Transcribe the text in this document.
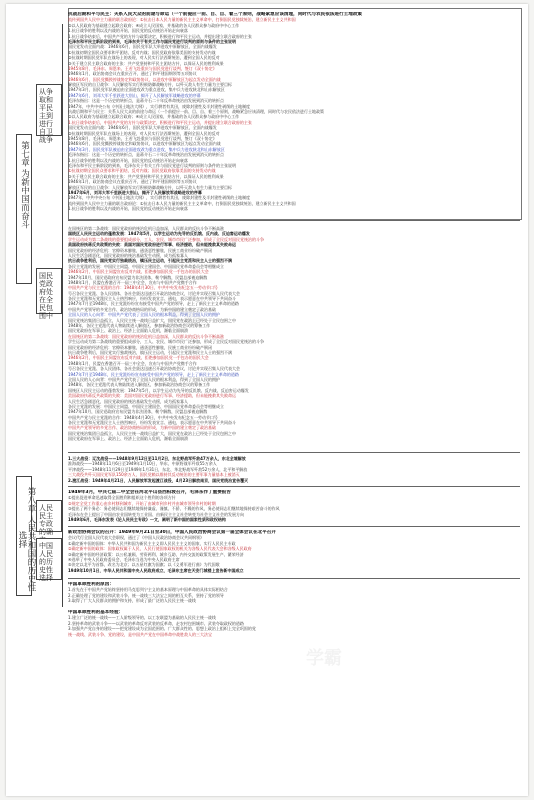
学霸
学霸
第七章 为新中国而奋斗
从争取和平民主到进行自卫战争
国民党政府处在全民包围中
第八章 人民共和国的历史性选择
人民民主专政的确
中国人民的历史性选择
抗战后期和平与民主：关系人民大众的前途与命运（一个前提应一前、目、自、着三个原则，战略紧急应该清理，同时代与农民依法进行土地政策
流传到国共人民中主力量的联合政府论：①抗击日本人民力量的新民主主义革命中，打倒国民党独裁统治，建立新民主主义共和国
②以人民政府为基础建立起联合政府；④成立人民国家，并基础的各人民群众参与政府中中心工作
1.抗日战争的胜利以及内战的开始，国民党的反动统治开始走向衰落
1.抗日战争结束后，中国共产党的方针与政策决定，积极进行和平民主运动，并提出建立联合政府的主张
毛泽东和平民主新阶段的到来，毛泽东关于有关工作与国民党进行谈判的原则与条件的主张说明
国民党发动全面内战：1946年6月，国民党军队大举进攻中原解放区，全面内战爆发
①抗战初期全国民众要求和平团结，反对内战；国民党政府依靠美国的支持发动内战
②抗战时期国民党军队在战场上的表现，对人民实行法西斯统治，遭到全国人民的反对
③关于建立民主联合政府的主张：共产党坚持和平民主团结方针，以保证人民的胜利成果
1945年8月，毛泽东、周恩来、王若飞赴重庆与国民党进行谈判，签订《双十协定》
1946年1月，政治协商会议在重庆召开，通过了和平建国纲领等五项协议
1946年6月，国民党撕毁停战协定和政协协议，以进攻中原解放区为起点发动全面内战
解放区军民的自卫战争：人民解放军实行积极防御战略方针，以歼灭敌人有生力量为主要目标
1947年3月，国民党军队被迫由全面进攻改为重点进攻，集中兵力进攻陕北和山东解放区
1947年6月，刘邓大军千里跃进大别山，揭开了人民解放军战略进攻的序幕
毛泽东指出：这是一个历史的转折点，是蒋介石二十年反革命统治由发展到消灭的转折点
1947年，中共中央公布《中国土地法大纲》，实行耕者有其田，废除封建性及半封建性剥削的土地制度
抗战后期和平与民主：关系人民大众的前途与命运（一个前提应一前、目、自、着三个原则，战略紧急应该清理，同时代与农民依法进行土地政策
②以人民政府为基础建立起联合政府；④成立人民国家，并基础的各人民群众参与政府中中心工作
1.抗日战争结束后，中国共产党的方针与政策决定，积极进行和平民主运动，并提出建立联合政府的主张
国民党发动全面内战：1946年6月，国民党军队大举进攻中原解放区，全面内战爆发
②抗战时期国民党军队在战场上的表现，对人民实行法西斯统治，遭到全国人民的反对
1945年8月，毛泽东、周恩来、王若飞赴重庆与国民党进行谈判，签订《双十协定》
1946年6月，国民党撕毁停战协定和政协协议，以进攻中原解放区为起点发动全面内战
1947年3月，国民党军队被迫由全面进攻改为重点进攻，集中兵力进攻陕北和山东解放区
毛泽东指出：这是一个历史的转折点，是蒋介石二十年反革命统治由发展到消灭的转折点
1.抗日战争的胜利以及内战的开始，国民党的反动统治开始走向衰落
毛泽东和平民主新阶段的到来，毛泽东关于有关工作与国民党进行谈判的原则与条件的主张说明
①抗战初期全国民众要求和平团结，反对内战；国民党政府依靠美国的支持发动内战
③关于建立民主联合政府的主张：共产党坚持和平民主团结方针，以保证人民的胜利成果
1946年1月，政治协商会议在重庆召开，通过了和平建国纲领等五项协议
解放区军民的自卫战争：人民解放军实行积极防御战略方针，以歼灭敌人有生力量为主要目标
1947年6月，刘邓大军千里跃进大别山，揭开了人民解放军战略进攻的序幕
1947年，中共中央公布《中国土地法大纲》，实行耕者有其田，废除封建性及半封建性剥削的土地制度
流传到国共人民中主力量的联合政府论：①抗击日本人民力量的新民主主义革命中，打倒国民党独裁统治，建立新民主主义共和国
1.抗日战争的胜利以及内战的开始，国民党的反动统治开始走向衰落
在国统区的第二条战线：国民党政府的统治危机日益加深，人民群众的反抗斗争不断高涨
国统区人民民主运动的蓬勃发展：1947年5月，以学生运动为先导的反饥饿、反内战、反迫害运动爆发
学生运动成为第二条战线的重要组成部分，工人、农民、城市市民广泛参加，形成了全民反对国民党统治的斗争
美国政府扶蒋反共政策的失败：美国对国民党政府进行军事、经济援助，但未能挽救其失败命运
国民党政府的经济危机：官僚资本膨胀，通货恶性膨胀，民族工商业纷纷破产倒闭
人民生活急剧恶化，国民党政府的统治基础发生动摇，成为孤家寡人
抗日战争胜利后，国民党实行独裁统治，镇压民主运动，引起民主党派和民主人士的强烈不满
各民主党派的发展：中国民主同盟、中国民主建国会、中国国民党革命委员会等相继成立
1946年2月，中国民主同盟宣布反对内战，拒绝参加国民党一手包办的国民大会
1947年10月，国民党政府宣布民盟为非法团体，勒令解散，民盟总部被迫解散
1948年1月，民盟在香港召开一届三中全会，宣布与中国共产党携手合作
中国共产党与民主党派的合作：1948年4月30日，中共中央发布纪念五一劳动节口号
号召各民主党派、各人民团体、各社会贤达迅速召开政治协商会议，讨论并实现召集人民代表大会
各民主党派和无党派民主人士热烈响应，纷纷发表宣言、通电，表示愿意在中共领导下共同奋斗
1947年7月至1948年，民主党派纷纷宣布接受中国共产党的领导，走上了新民主主义革命的道路
中国共产党领导的多党合作、政治协商格局的形成，为新中国的建立奠定了政治基础
全国人民的人心向背：中国共产党代表了全国人民的根本利益，得到了全国人民的拥护
国民党统治集团日益孤立，人民民主统一战线日益扩大，国民党在政治上已经处于全民包围之中
1948年，各民主党派代表人物陆续进入解放区，参加新政治协商会议的筹备工作
国民党政府在军事上、政治上、经济上全面陷入危机，濒临全面崩溃
在国统区的第二条战线：国民党政府的统治危机日益加深，人民群众的反抗斗争不断高涨
学生运动成为第二条战线的重要组成部分，工人、农民、城市市民广泛参加，形成了全民反对国民党统治的斗争
国民党政府的经济危机：官僚资本膨胀，通货恶性膨胀，民族工商业纷纷破产倒闭
抗日战争胜利后，国民党实行独裁统治，镇压民主运动，引起民主党派和民主人士的强烈不满
1946年2月，中国民主同盟宣布反对内战，拒绝参加国民党一手包办的国民大会
1948年1月，民盟在香港召开一届三中全会，宣布与中国共产党携手合作
号召各民主党派、各人民团体、各社会贤达迅速召开政治协商会议，讨论并实现召集人民代表大会
1947年7月至1948年，民主党派纷纷宣布接受中国共产党的领导，走上了新民主主义革命的道路
全国人民的人心向背：中国共产党代表了全国人民的根本利益，得到了全国人民的拥护
1948年，各民主党派代表人物陆续进入解放区，参加新政治协商会议的筹备工作
国统区人民民主运动的蓬勃发展：1947年5月，以学生运动为先导的反饥饿、反内战、反迫害运动爆发
美国政府扶蒋反共政策的失败：美国对国民党政府进行军事、经济援助，但未能挽救其失败命运
人民生活急剧恶化，国民党政府的统治基础发生动摇，成为孤家寡人
各民主党派的发展：中国民主同盟、中国民主建国会、中国国民党革命委员会等相继成立
1947年10月，国民党政府宣布民盟为非法团体，勒令解散，民盟总部被迫解散
中国共产党与民主党派的合作：1948年4月30日，中共中央发布纪念五一劳动节口号
各民主党派和无党派民主人士热烈响应，纷纷发表宣言、通电，表示愿意在中共领导下共同奋斗
中国共产党领导的多党合作、政治协商格局的形成，为新中国的建立奠定了政治基础
国民党统治集团日益孤立，人民民主统一战线日益扩大，国民党在政治上已经处于全民包围之中
国民党政府在军事上、政治上、经济上全面陷入危机，濒临全面崩溃
1.三大战役：辽沈战役——1948年9月12日至11月2日，东北野战军歼敌47万余人，东北全境解放
淮海战役——1948年11月6日至1949年1月10日，华东、中原野战军歼敌55万余人
平津战役——1948年11月29日至1949年1月31日，东北、华北野战军歼敌52万余人，北平和平解放
三大战役共歼灭国民党军队150余万人，国民党赖以维持其反动统治的主要军事力量基本上被消灭
2.渡江战役：1949年4月21日，人民解放军发起渡江战役，4月23日解放南京，国民党统治宣告覆灭
1949年3月，中共七届二中全会在河北平山县西柏坡召开，毛泽东作了重要报告
①提出促进革命迅速取得全国胜利和组织这个胜利的各项方针
②规定全党工作重心由乡村移到城市，开始了由城市到乡村并由城市领导乡村的时期
③提出了两个务必：务必使同志们继续地保持谦虚、谨慎、不骄、不躁的作风，务必使同志们继续地保持艰苦奋斗的作风
毛泽东在会上提出了中国由农业国转变为工业国、由新民主主义社会转变为社会主义社会的发展方向
1949年6月，毛泽东发表《论人民民主专政》一文，阐明了新中国的国家性质和政权结构
新政治协商会议的召开：1949年9月21日至30日，中国人民政治协商会议第一届全体会议在北平召开
会议代行全国人民代表大会职权，通过了《中国人民政治协商会议共同纲领》
①确定新中国的国体：中华人民共和国为新民主主义即人民民主主义的国家，实行人民民主专政
②确定新中国的政体：国家政权属于人民，人民行使国家政权的机关为各级人民代表大会和各级人民政府
③确定新中国的经济政策：以公私兼顾、劳资两利、城乡互助、内外交流的政策发展生产、繁荣经济
④选举了中央人民政府委员会，毛泽东当选为中央人民政府主席
⑤决定以北平为首都，改名为北京；以五星红旗为国旗；以《义勇军进行曲》为代国歌
1949年10月1日，中华人民共和国中央人民政府成立，毛泽东主席在天安门城楼上宣告新中国成立
中国革命胜利的原因：
1.首先在于中国共产党始终坚持用马克思列宁主义的基本原理与中国革命的具体实际相结合
2.正确处理了党的建设和武装斗争、统一战线三大法宝之间的相互关系，坚持了党的领导
3.取得了广大人民群众的拥护和支持，形成了最广泛的人民民主统一战线
中国革命胜利的基本经验：
1.建立广泛的统一战线——工人阶级领导的、以工农联盟为基础的人民民主统一战线
2.坚持革命的武装斗争——以武装的革命反对武装的反革命，走农村包围城市、武装夺取政权的道路
3.加强共产党自身的建设——把党建设成为全国范围的、广大群众性的、思想上政治上组织上完全巩固的党
统一战线、武装斗争、党的建设，是中国共产党在中国革命中战胜敌人的三大法宝
